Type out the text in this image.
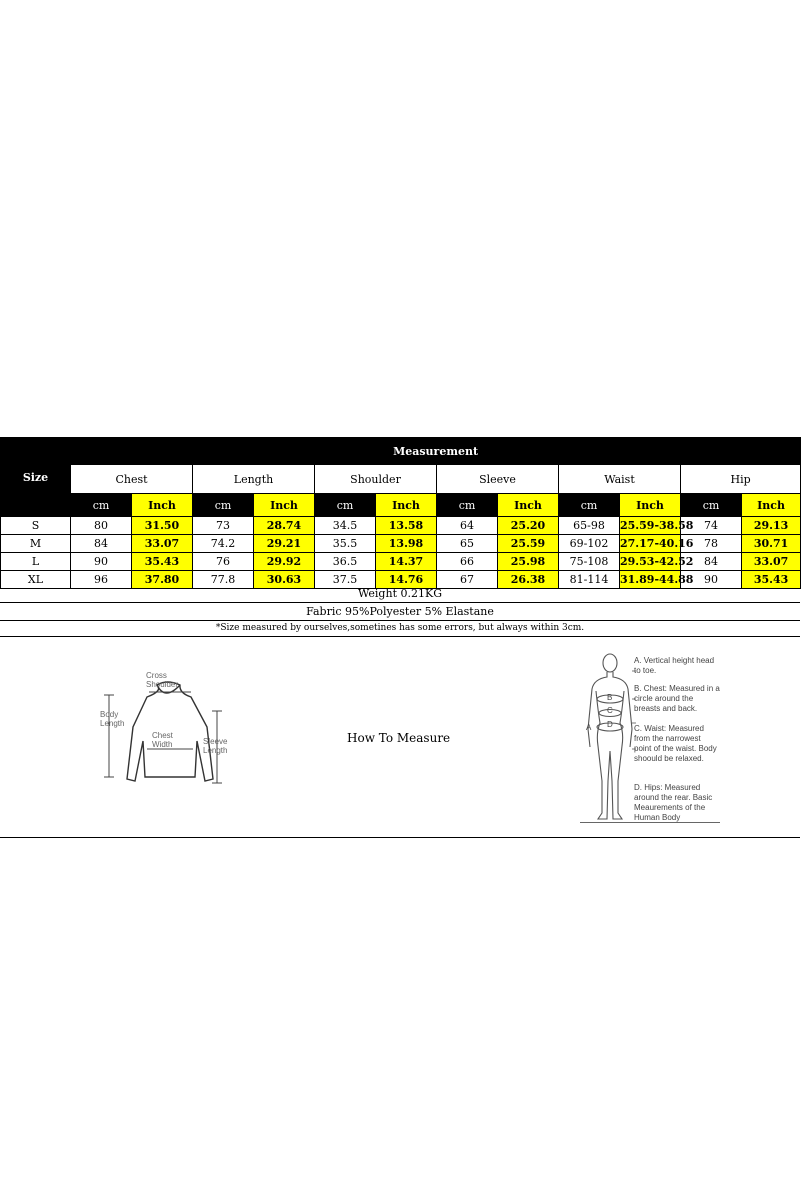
Size	Measurement											
	Chest		Length		Shoulder		Sleeve		Waist		Hip	
	cm	Inch	cm	Inch	cm	Inch	cm	Inch	cm	Inch	cm	Inch
S	80	31.50	73	28.74	34.5	13.58	64	25.20	65-98	25.59-38.58	74	29.13
M	84	33.07	74.2	29.21	35.5	13.98	65	25.59	69-102	27.17-40.16	78	30.71
L	90	35.43	76	29.92	36.5	14.37	66	25.98	75-108	29.53-42.52	84	33.07
XL	96	37.80	77.8	30.63	37.5	14.76	67	26.38	81-114	31.89-44.88	90	35.43
Weight 0.21KG
Fabric 95%Polyester 5% Elastane
*Size measured by ourselves,sometines has some errors, but always within 3cm.
Cross Shoulder
Body Length
Chest Width	Sleeve Length
How To Measure
B
C
D
A
A. Vertical height head to toe.
B. Chest: Measured in a circle around the breasts and back.
C. Waist: Measured from the narrowest point of the waist. Body shoould be relaxed.
D. Hips: Measured around the rear. Basic Meaurements of the Human Body
